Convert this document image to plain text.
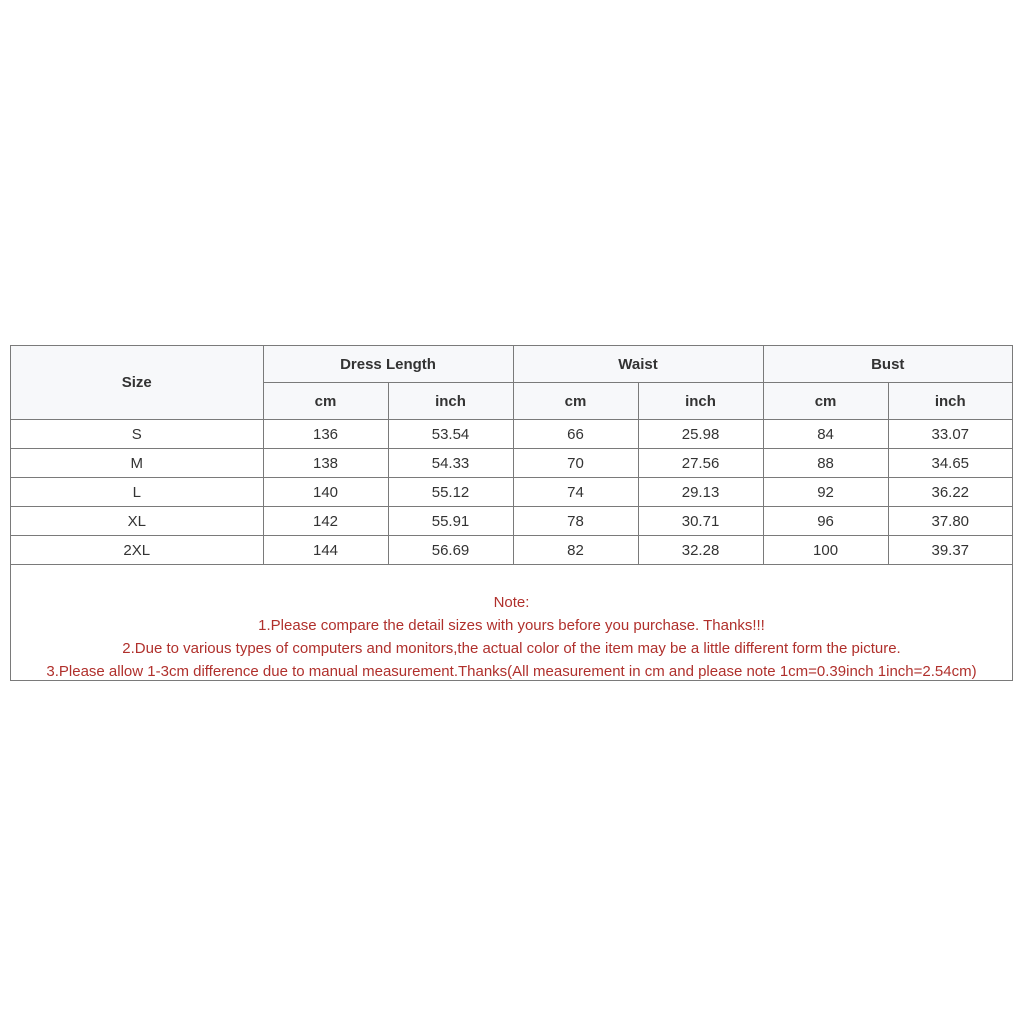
Size	Dress Length		Waist		Bust	
	cm	inch	cm	inch	cm	inch
S	136	53.54	66	25.98	84	33.07
M	138	54.33	70	27.56	88	34.65
L	140	55.12	74	29.13	92	36.22
XL	142	55.91	78	30.71	96	37.80
2XL	144	56.69	82	32.28	100	39.37
Note:
1.Please compare the detail sizes with yours before you purchase. Thanks!!!
2.Due to various types of computers and monitors,the actual color of the item may be a little different form the picture.
3.Please allow 1-3cm difference due to manual measurement.Thanks(All measurement in cm and please note 1cm=0.39inch 1inch=2.54cm)
